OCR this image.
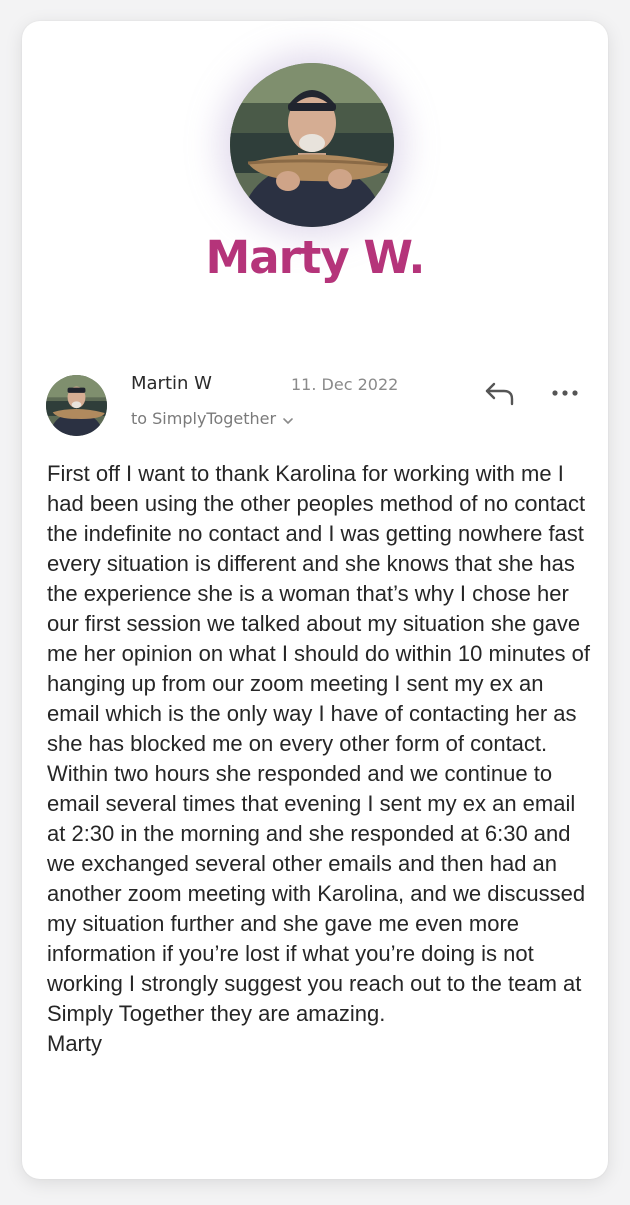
Marty W.
Martin W	11. Dec 2022
to SimplyTogether
First off I want to thank Karolina for working with me I had been using the other peoples method of no contact the indefinite no contact and I was getting nowhere fast every situation is different and she knows that she has the experience she is a woman that’s why I chose her our first session we talked about my situation she gave me her opinion on what I should do within 10 minutes of hanging up from our zoom meeting I sent my ex an email which is the only way I have of contacting her as she has blocked me on every other form of contact. Within two hours she responded and we continue to email several times that evening I sent my ex an email at 2:30 in the morning and she responded at 6:30 and we exchanged several other emails and then had an another zoom meeting with Karolina, and we discussed my situation further and she gave me even more information if you’re lost if what you’re doing is not working I strongly suggest you reach out to the team at Simply Together they are amazing.
Marty
